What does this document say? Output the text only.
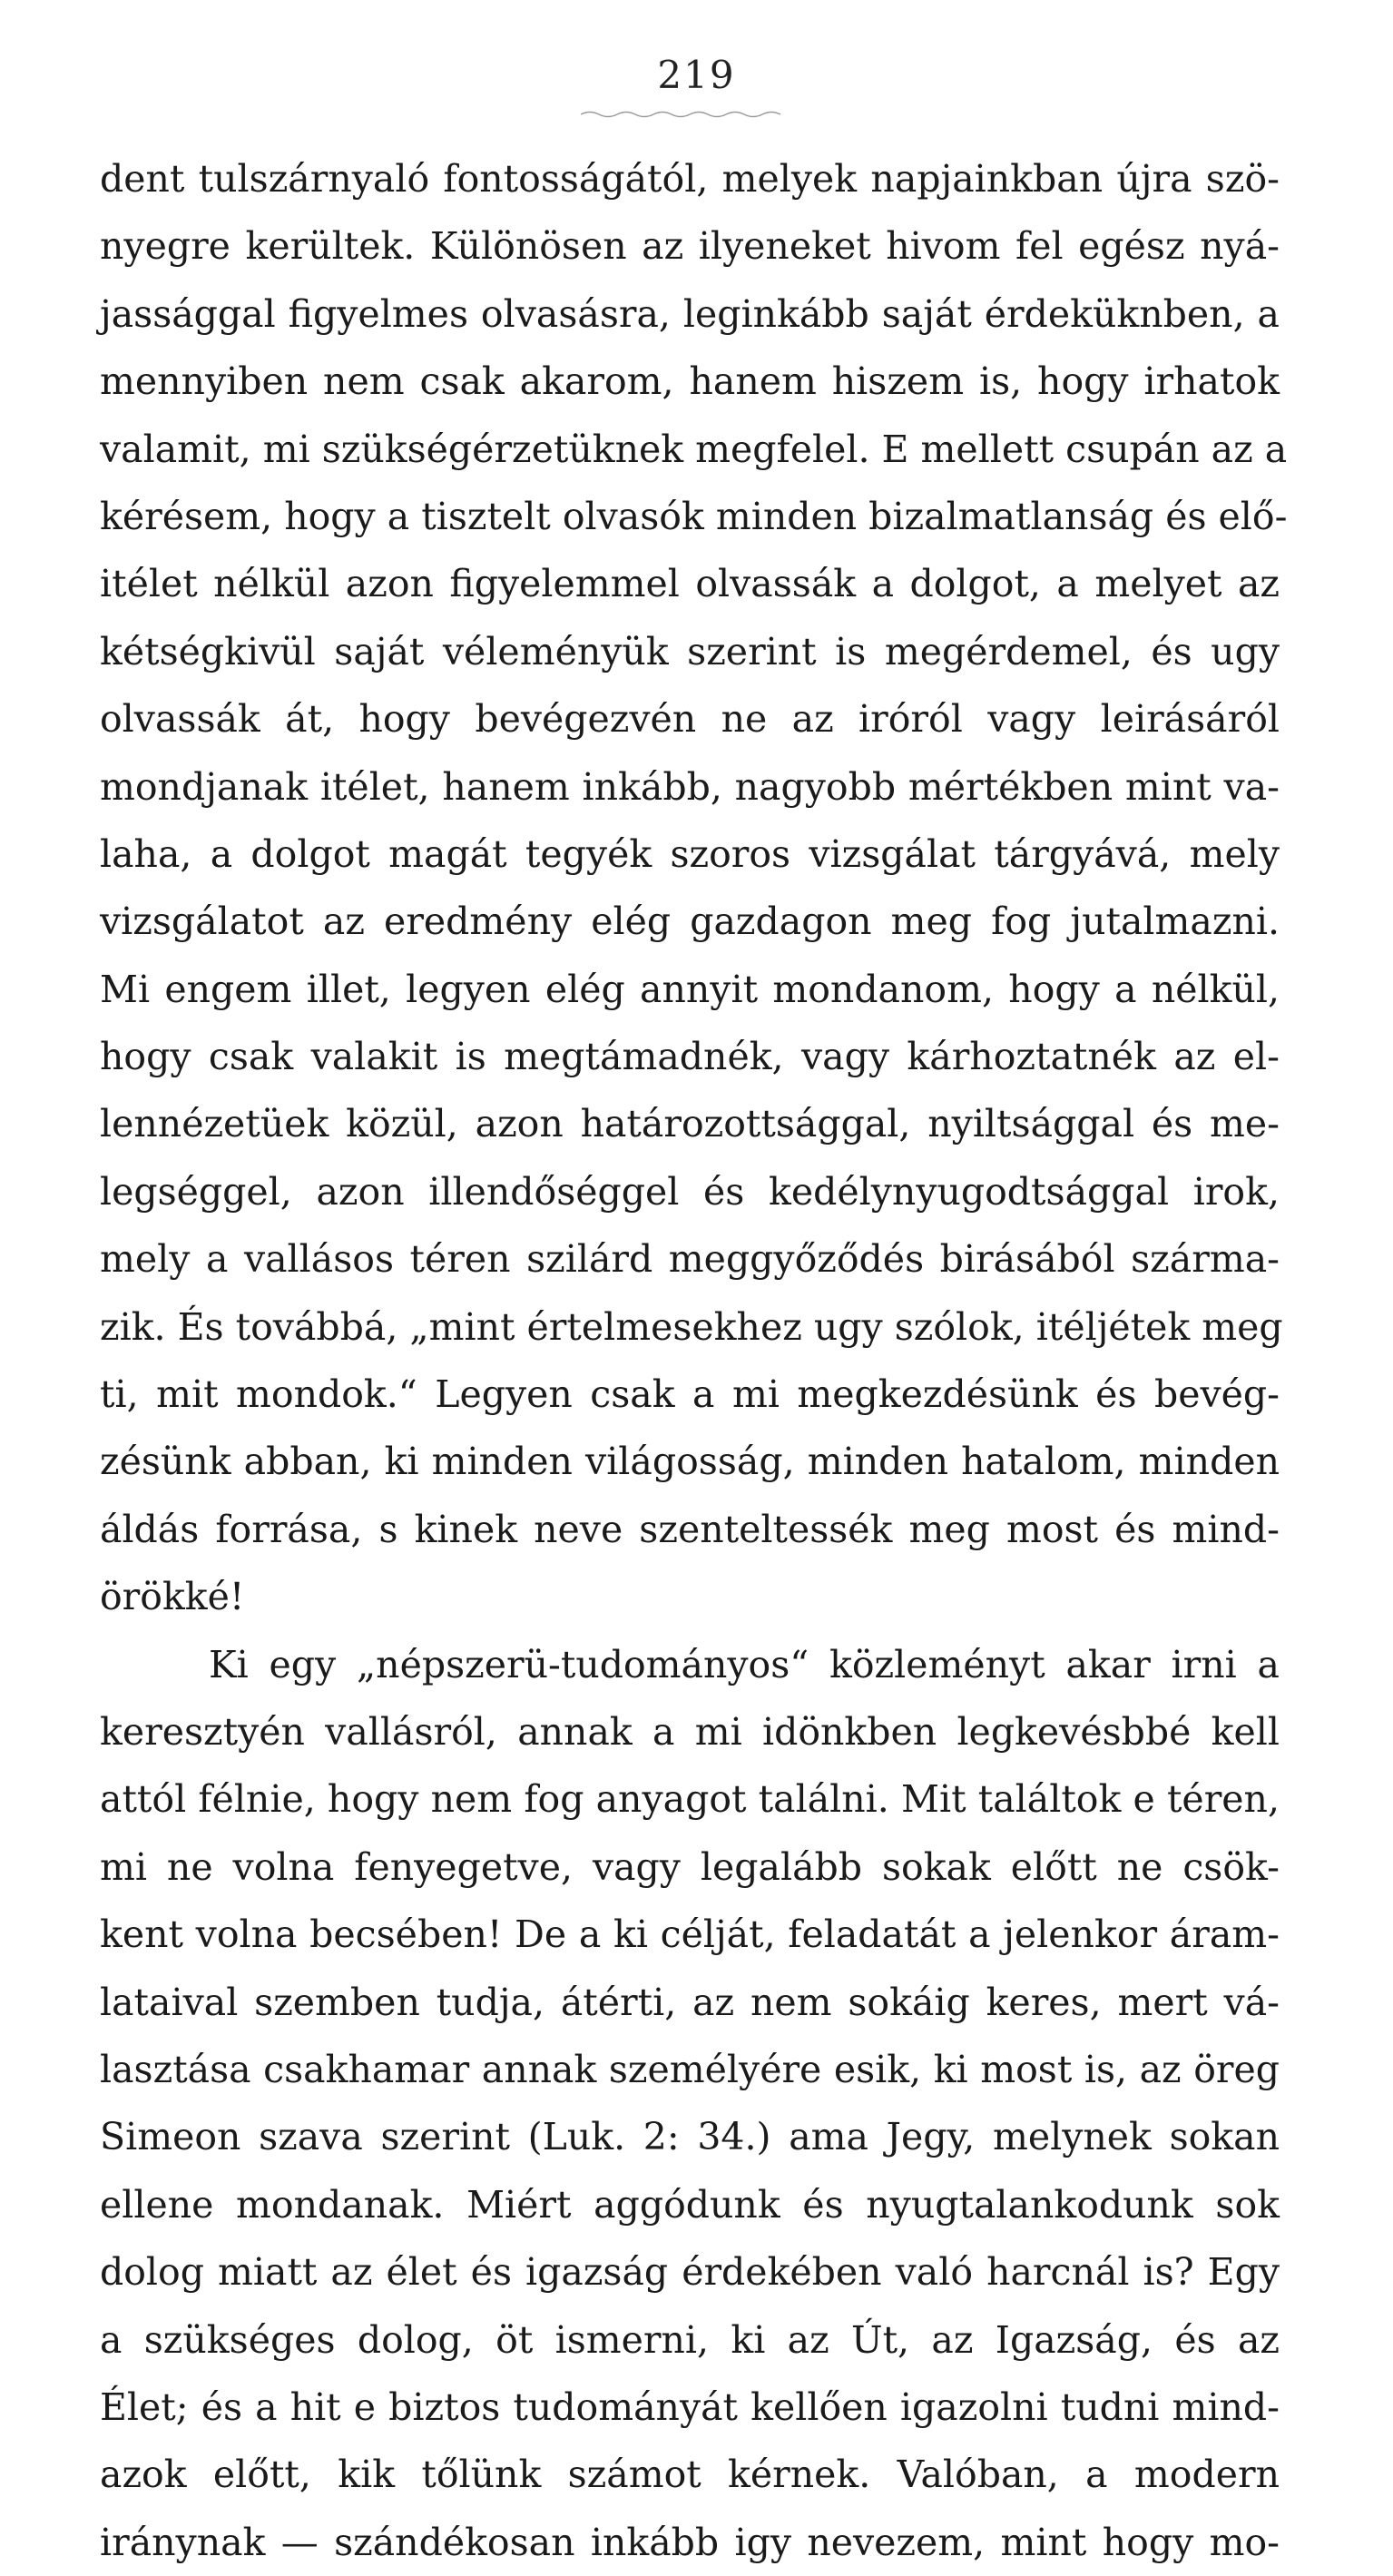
219
dent tulszárnyaló fontosságától, melyek napjainkban újra szö-
nyegre kerültek. Különösen az ilyeneket hivom fel egész nyá-
jassággal figyelmes olvasásra, leginkább saját érdeküknben, a
mennyiben nem csak akarom, hanem hiszem is, hogy irhatok
valamit, mi szükségérzetüknek megfelel. E mellett csupán az a
kérésem, hogy a tisztelt olvasók minden bizalmatlanság és elő-
itélet nélkül azon figyelemmel olvassák a dolgot, a melyet az
kétségkivül saját véleményük szerint is megérdemel, és ugy
olvassák át, hogy bevégezvén ne az iróról vagy leirásáról
mondjanak itélet, hanem inkább, nagyobb mértékben mint va-
laha, a dolgot magát tegyék szoros vizsgálat tárgyává, mely
vizsgálatot az eredmény elég gazdagon meg fog jutalmazni.
Mi engem illet, legyen elég annyit mondanom, hogy a nélkül,
hogy csak valakit is megtámadnék, vagy kárhoztatnék az el-
lennézetüek közül, azon határozottsággal, nyiltsággal és me-
legséggel, azon illendőséggel és kedélynyugodtsággal irok,
mely a vallásos téren szilárd meggyőződés birásából szárma-
zik. És továbbá, „mint értelmesekhez ugy szólok, itéljétek meg
ti, mit mondok.“ Legyen csak a mi megkezdésünk és bevég-
zésünk abban, ki minden világosság, minden hatalom, minden
áldás forrása, s kinek neve szenteltessék meg most és mind-
örökké!
Ki egy „népszerü-tudományos“ közleményt akar irni a
keresztyén vallásról, annak a mi idönkben legkevésbbé kell
attól félnie, hogy nem fog anyagot találni. Mit találtok e téren,
mi ne volna fenyegetve, vagy legalább sokak előtt ne csök-
kent volna becsében! De a ki célját, feladatát a jelenkor áram-
lataival szemben tudja, átérti, az nem sokáig keres, mert vá-
lasztása csakhamar annak személyére esik, ki most is, az öreg
Simeon szava szerint (Luk. 2: 34.) ama Jegy, melynek sokan
ellene mondanak. Miért aggódunk és nyugtalankodunk sok
dolog miatt az élet és igazság érdekében való harcnál is? Egy
a szükséges dolog, öt ismerni, ki az Út, az Igazság, és az
Élet; és a hit e biztos tudományát kellően igazolni tudni mind-
azok előtt, kik tőlünk számot kérnek. Valóban, a modern
iránynak — szándékosan inkább igy nevezem, mint hogy mo-
